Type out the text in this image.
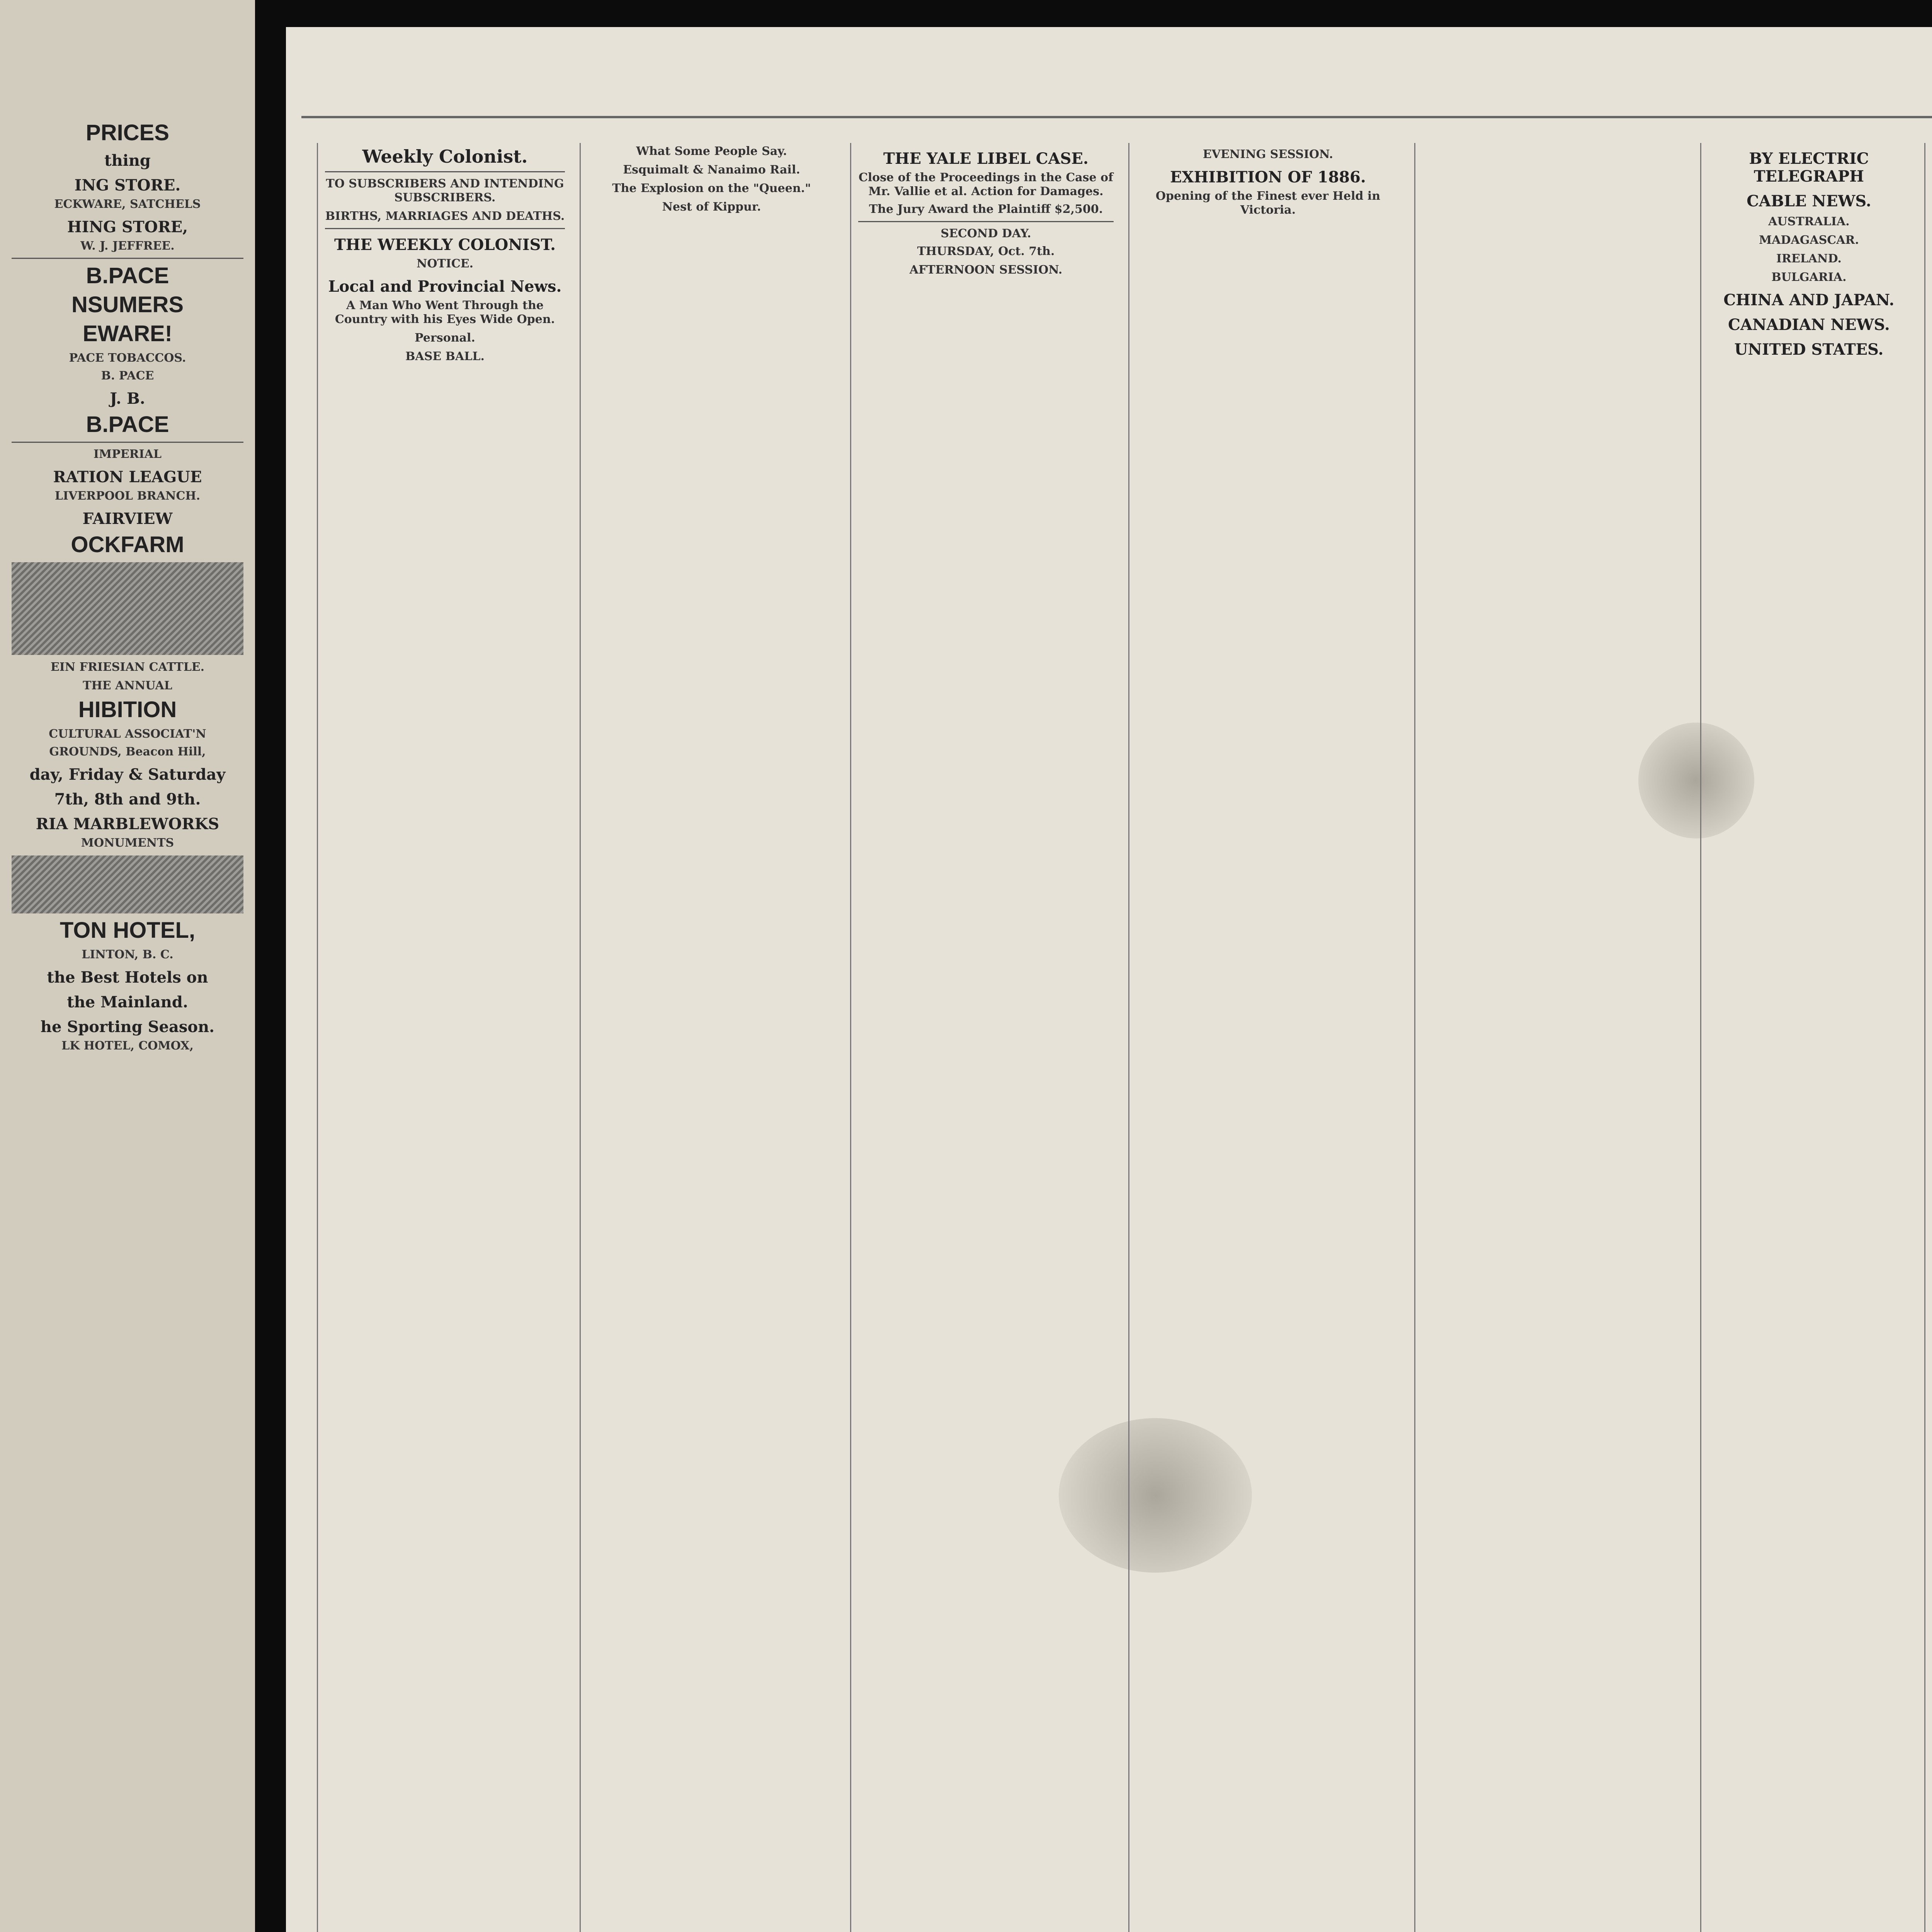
PRICES
thing
ING STORE.
ECKWARE, SATCHELS
HING STORE,
W. J. JEFFREE.
B.PACE
NSUMERS
EWARE!
PACE TOBACCOS.
B. PACE
J. B.
B.PACE
IMPERIAL
RATION LEAGUE
LIVERPOOL BRANCH.
FAIRVIEW
OCKFARM
EIN FRIESIAN CATTLE.
THE ANNUAL
HIBITION
CULTURAL ASSOCIAT'N
GROUNDS, Beacon Hill,
day, Friday & Saturday
7th, 8th and 9th.
RIA MARBLEWORKS
MONUMENTS
TON HOTEL,
LINTON, B. C.
the Best Hotels on
the Mainland.
he Sporting Season.
LK HOTEL, COMOX,
Weekly Colonist.
TO SUBSCRIBERS AND INTENDING SUBSCRIBERS.
BIRTHS, MARRIAGES AND DEATHS.
THE WEEKLY COLONIST.
NOTICE.
Local and Provincial News.
A Man Who Went Through the Country with his Eyes Wide Open.
Personal.
BASE BALL.
What Some People Say.
Esquimalt & Nanaimo Rail.
The Explosion on the "Queen."
Nest of Kippur.
THE YALE LIBEL CASE.
Close of the Proceedings in the Case of Mr. Vallie et al. Action for Damages.
The Jury Award the Plaintiff $2,500.
SECOND DAY.
THURSDAY, Oct. 7th.
AFTERNOON SESSION.
EVENING SESSION.
EXHIBITION OF 1886.
Opening of the Finest ever Held in Victoria.
BY ELECTRIC TELEGRAPH
CABLE NEWS.
AUSTRALIA.
MADAGASCAR.
IRELAND.
BULGARIA.
CHINA AND JAPAN.
CANADIAN NEWS.
UNITED STATES.
